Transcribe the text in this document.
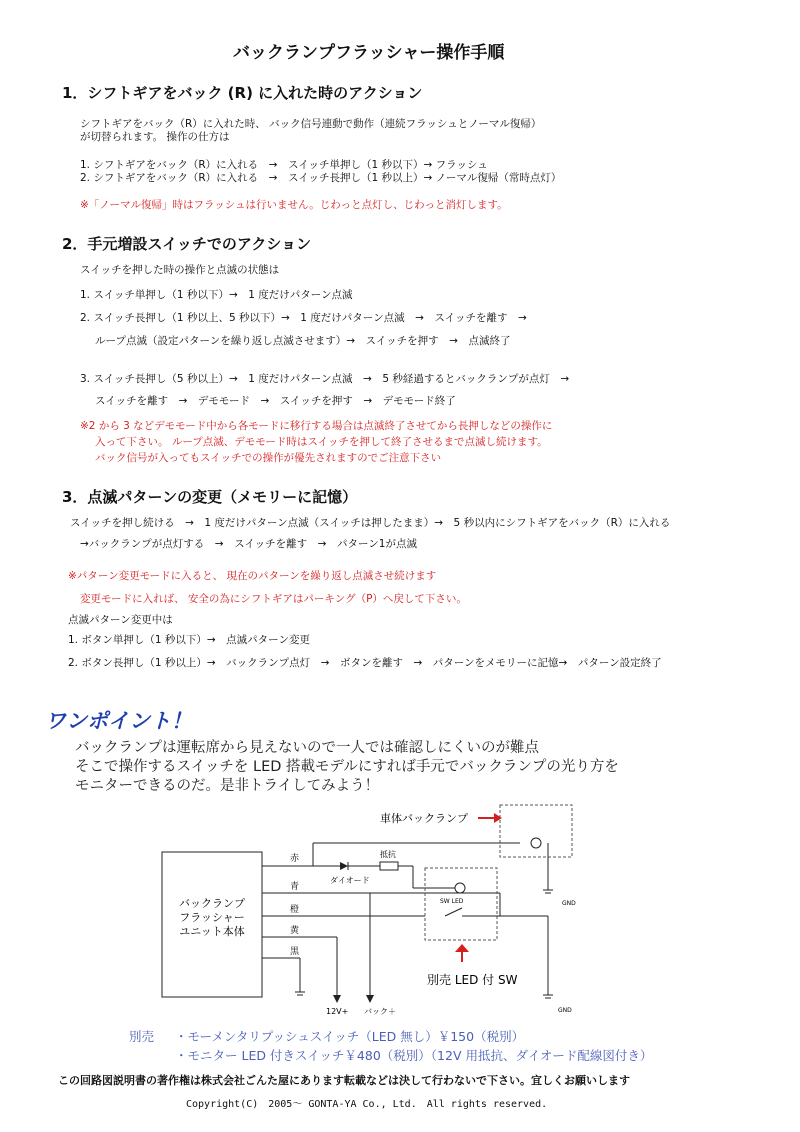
バックランプフラッシャー操作手順
1．シフトギアをバック (R) に入れた時のアクション
シフトギアをバック（R）に入れた時、 バック信号連動で動作（連続フラッシュとノーマル復帰）
が切替られます。 操作の仕方は
1. シフトギアをバック（R）に入れる　→　スイッチ単押し（1 秒以下）→ フラッシュ
2. シフトギアをバック（R）に入れる　→　スイッチ長押し（1 秒以上）→ ノーマル復帰（常時点灯）
※「ノーマル復帰」時はフラッシュは行いません。じわっと点灯し、じわっと消灯します。
2．手元増設スイッチでのアクション
スイッチを押した時の操作と点滅の状態は
1. スイッチ単押し（1 秒以下）→　1 度だけパターン点滅
2. スイッチ長押し（1 秒以上、5 秒以下）→　1 度だけパターン点滅　→　スイッチを離す　→
ループ点滅（設定パターンを繰り返し点滅させます）→　スイッチを押す　→　点滅終了
3. スイッチ長押し（5 秒以上）→　1 度だけパターン点滅　→　5 秒経過するとバックランプが点灯　→
スイッチを離す　→　デモモード　→　スイッチを押す　→　デモモード終了
※2 から 3 などデモモード中から各モードに移行する場合は点滅終了させてから長押しなどの操作に
入って下さい。 ループ点滅、デモモード時はスイッチを押して終了させるまで点滅し続けます。
バック信号が入ってもスイッチでの操作が優先されますのでご注意下さい
3．点滅パターンの変更（メモリーに記憶）
スイッチを押し続ける　→　1 度だけパターン点滅（スイッチは押したまま）→　5 秒以内にシフトギアをバック（R）に入れる
→バックランプが点灯する　→　スイッチを離す　→　パターン1が点滅
※パターン変更モードに入ると、 現在のパターンを繰り返し点滅させ続けます
変更モードに入れば、 安全の為にシフトギアはパーキング（P）へ戻して下さい。
点滅パターン変更中は
1. ボタン単押し（1 秒以下）→　点滅パターン変更
2. ボタン長押し（1 秒以上）→　バックランプ点灯　→　ボタンを離す　→　パターンをメモリーに記憶→　パターン設定終了
ワンポイント！
バックランプは運転席から見えないので一人では確認しにくいのが難点
そこで操作するスイッチを LED 搭載モデルにすれば手元でバックランプの光り方を
モニターできるのだ。是非トライしてみよう！
バックランプ
フラッシャー
ユニット本体
12V+ バック＋
赤
青
橙
黄
黒
ダイオード
抵抗
車体バックランプ
SW LED	GND
GND
別売 LED 付 SW
別売 ・モーメンタリプッシュスイッチ（LED 無し）￥150（税別）
・モニター LED 付きスイッチ￥480（税別）（12V 用抵抗、ダイオード配線図付き）
この回路図説明書の著作権は株式会社ごんた屋にあります転載などは決して行わないで下さい。宜しくお願いします
Copyright(C)　2005～ GONTA-YA Co., Ltd.　All rights reserved.
